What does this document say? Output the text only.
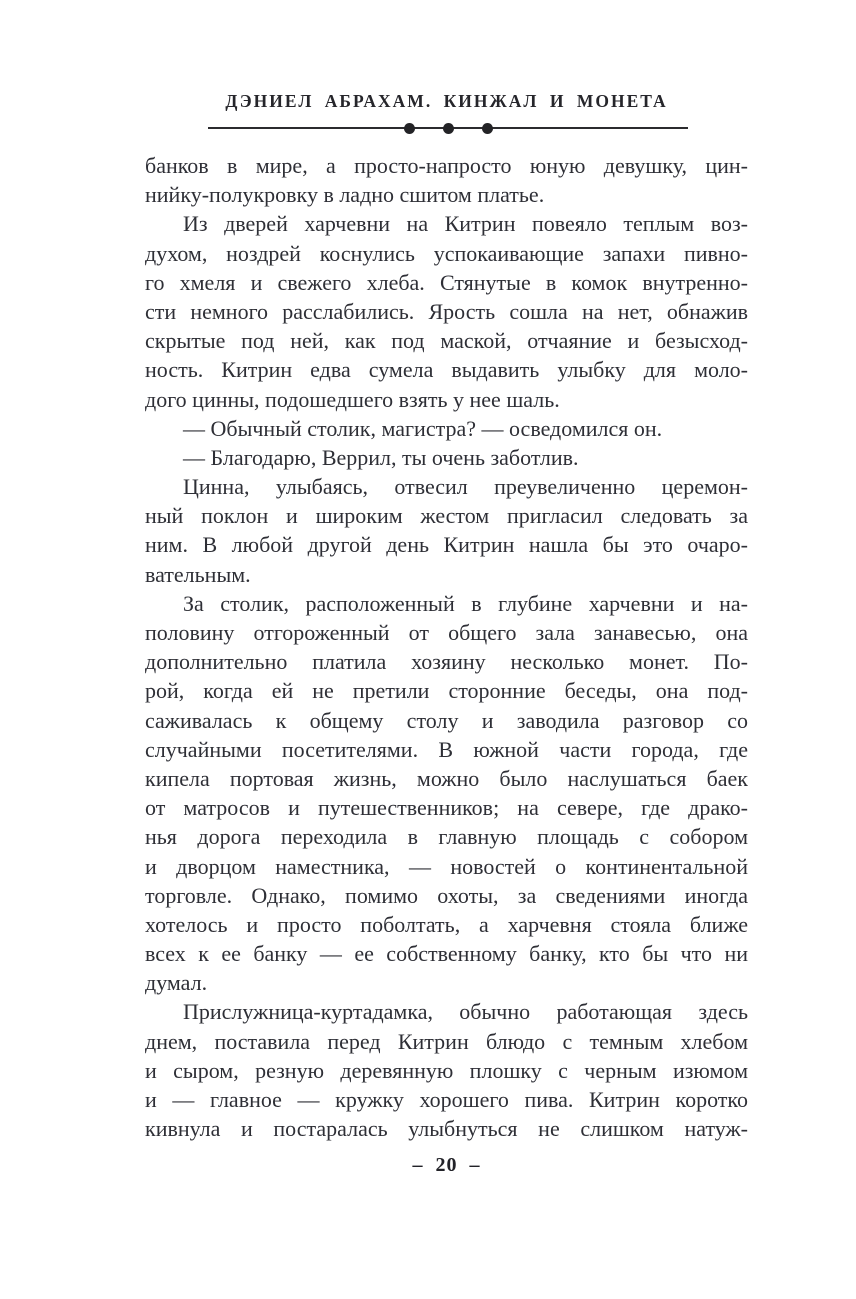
ДЭНИЕЛ АБРАХАМ. КИНЖАЛ И МОНЕТА
банков в мире, а просто-напросто юную девушку, цин-
нийку-полукровку в ладно сшитом платье.
Из дверей харчевни на Китрин повеяло теплым воз-
духом, ноздрей коснулись успокаивающие запахи пивно-
го хмеля и свежего хлеба. Стянутые в комок внутренно-
сти немного расслабились. Ярость сошла на нет, обнажив
скрытые под ней, как под маской, отчаяние и безысход-
ность. Китрин едва сумела выдавить улыбку для моло-
дого цинны, подошедшего взять у нее шаль.
— Обычный столик, магистра? — осведомился он.
— Благодарю, Веррил, ты очень заботлив.
Цинна, улыбаясь, отвесил преувеличенно церемон-
ный поклон и широким жестом пригласил следовать за
ним. В любой другой день Китрин нашла бы это очаро-
вательным.
За столик, расположенный в глубине харчевни и на-
половину отгороженный от общего зала занавесью, она
дополнительно платила хозяину несколько монет. По-
рой, когда ей не претили сторонние беседы, она под-
саживалась к общему столу и заводила разговор со
случайными посетителями. В южной части города, где
кипела портовая жизнь, можно было наслушаться баек
от матросов и путешественников; на севере, где драко-
нья дорога переходила в главную площадь с собором
и дворцом наместника, — новостей о континентальной
торговле. Однако, помимо охоты, за сведениями иногда
хотелось и просто поболтать, а харчевня стояла ближе
всех к ее банку — ее собственному банку, кто бы что ни
думал.
Прислужница-куртадамка, обычно работающая здесь
днем, поставила перед Китрин блюдо с темным хлебом
и сыром, резную деревянную плошку с черным изюмом
и — главное — кружку хорошего пива. Китрин коротко
кивнула и постаралась улыбнуться не слишком натуж-
– 20 –
